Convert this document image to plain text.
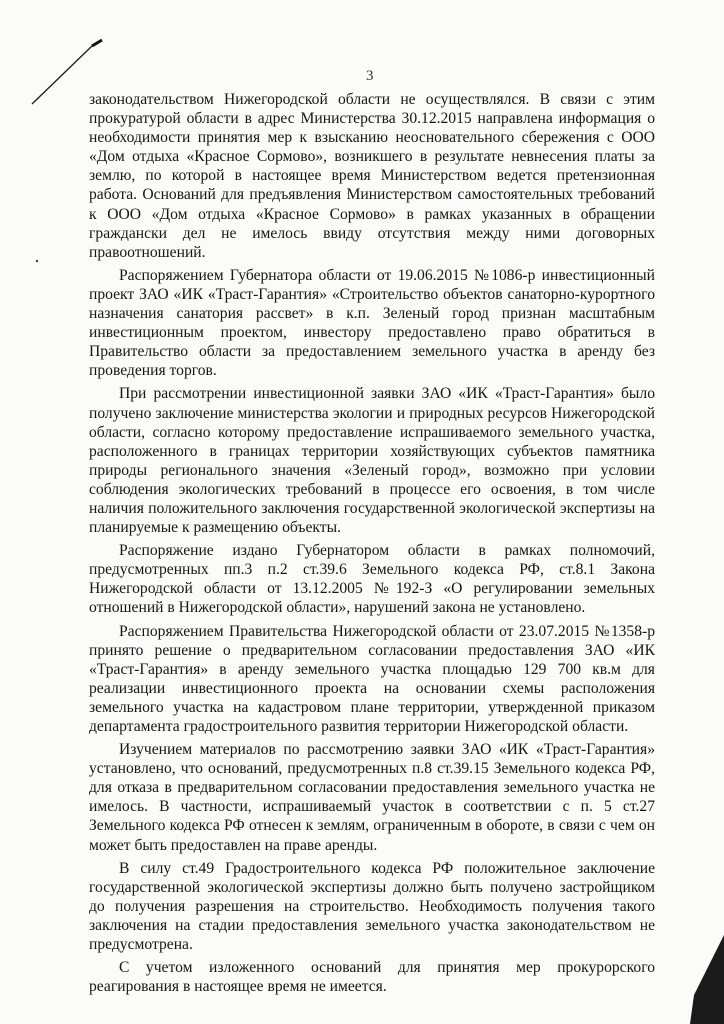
3

законодательством Нижегородской области не осуществлялся. В связи с этим прокуратурой области в адрес Министерства 30.12.2015 направлена информация о необходимости принятия мер к взысканию неосновательного сбережения с ООО «Дом отдыха «Красное Сормово», возникшего в результате невнесения платы за землю, по которой в настоящее время Министерством ведется претензионная работа. Оснований для предъявления Министерством самостоятельных требований к ООО «Дом отдыха «Красное Сормово» в рамках указанных в обращении граждански дел не имелось ввиду отсутствия между ними договорных правоотношений.

Распоряжением Губернатора области от 19.06.2015 №1086-р инвестиционный проект ЗАО «ИК «Траст-Гарантия» «Строительство объектов санаторно-курортного назначения санатория рассвет» в к.п. Зеленый город признан масштабным инвестиционным проектом, инвестору предоставлено право обратиться в Правительство области за предоставлением земельного участка в аренду без проведения торгов.

При рассмотрении инвестиционной заявки ЗАО «ИК «Траст-Гарантия» было получено заключение министерства экологии и природных ресурсов Нижегородской области, согласно которому предоставление испрашиваемого земельного участка, расположенного в границах территории хозяйствующих субъектов памятника природы регионального значения «Зеленый город», возможно при условии соблюдения экологических требований в процессе его освоения, в том числе наличия положительного заключения государственной экологической экспертизы на планируемые к размещению объекты.

Распоряжение издано Губернатором области в рамках полномочий, предусмотренных пп.3 п.2 ст.39.6 Земельного кодекса РФ, ст.8.1 Закона Нижегородской области от 13.12.2005 №192-З «О регулировании земельных отношений в Нижегородской области», нарушений закона не установлено.

Распоряжением Правительства Нижегородской области от 23.07.2015 №1358-р принято решение о предварительном согласовании предоставления ЗАО «ИК «Траст-Гарантия» в аренду земельного участка площадью 129 700 кв.м для реализации инвестиционного проекта на основании схемы расположения земельного участка на кадастровом плане территории, утвержденной приказом департамента градостроительного развития территории Нижегородской области.

Изучением материалов по рассмотрению заявки ЗАО «ИК «Траст-Гарантия» установлено, что оснований, предусмотренных п.8 ст.39.15 Земельного кодекса РФ, для отказа в предварительном согласовании предоставления земельного участка не имелось. В частности, испрашиваемый участок в соответствии с п. 5 ст.27 Земельного кодекса РФ отнесен к землям, ограниченным в обороте, в связи с чем он может быть предоставлен на праве аренды.

В силу ст.49 Градостроительного кодекса РФ положительное заключение государственной экологической экспертизы должно быть получено застройщиком до получения разрешения на строительство. Необходимость получения такого заключения на стадии предоставления земельного участка законодательством не предусмотрена.

С учетом изложенного оснований для принятия мер прокурорского реагирования в настоящее время не имеется.
